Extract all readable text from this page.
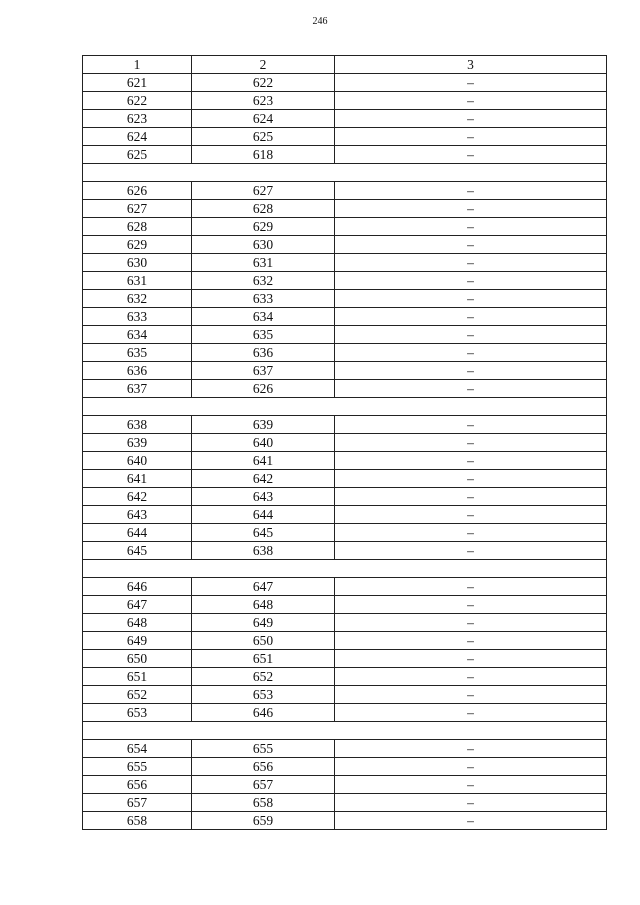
246
1	2	3
621	622	–
622	623	–
623	624	–
624	625	–
625	618	–

626	627	–
627	628	–
628	629	–
629	630	–
630	631	–
631	632	–
632	633	–
633	634	–
634	635	–
635	636	–
636	637	–
637	626	–

638	639	–
639	640	–
640	641	–
641	642	–
642	643	–
643	644	–
644	645	–
645	638	–

646	647	–
647	648	–
648	649	–
649	650	–
650	651	–
651	652	–
652	653	–
653	646	–

654	655	–
655	656	–
656	657	–
657	658	–
658	659	–
